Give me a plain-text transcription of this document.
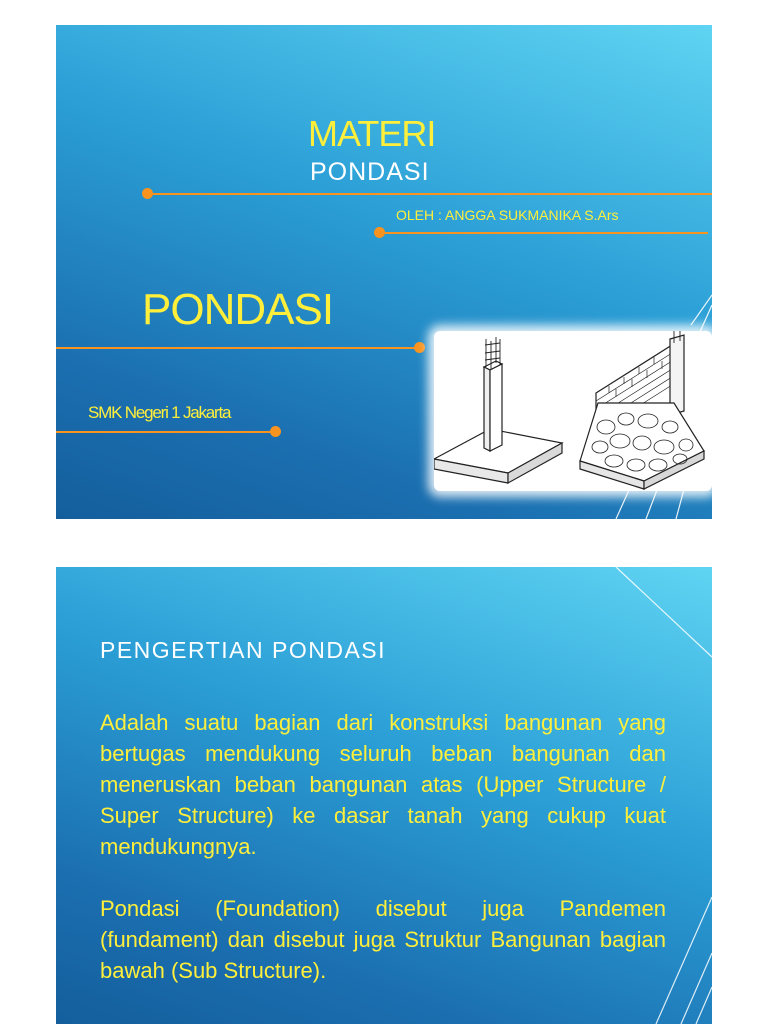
MATERI
PONDASI
OLEH : ANGGA SUKMANIKA S.Ars
PONDASI
SMK Negeri 1 Jakarta
PENGERTIAN PONDASI

Adalah suatu bagian dari konstruksi bangunan yang bertugas mendukung seluruh beban bangunan dan meneruskan beban bangunan atas (Upper Structure / Super Structure) ke dasar tanah yang cukup kuat mendukungnya.

Pondasi (Foundation) disebut juga Pandemen (fundament) dan disebut juga Struktur Bangunan bagian bawah (Sub Structure).
